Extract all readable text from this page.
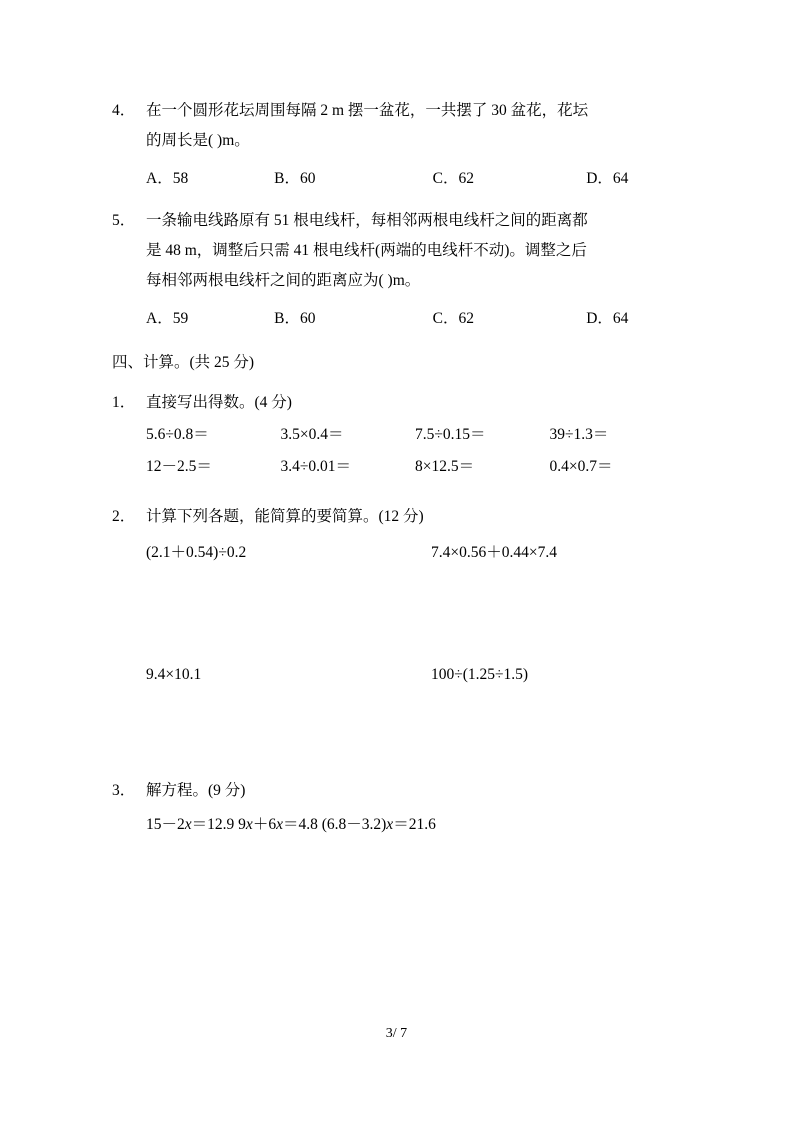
4． 在一个圆形花坛周围每隔 2 m 摆一盆花，一共摆了 30 盆花，花坛
的周长是( )m。
A．58	B．60	C．62	D．64
5． 一条输电线路原有 51 根电线杆，每相邻两根电线杆之间的距离都
是 48 m，调整后只需 41 根电线杆(两端的电线杆不动)。调整之后
每相邻两根电线杆之间的距离应为( )m。
A．59	B．60	C．62	D．64
四、计算。(共 25 分)
1． 直接写出得数。(4 分)
5.6÷0.8＝	3.5×0.4＝	7.5÷0.15＝	39÷1.3＝
12－2.5＝	3.4÷0.01＝	8×12.5＝	0.4×0.7＝
2． 计算下列各题，能简算的要简算。(12 分)
(2.1＋0.54)÷0.2	7.4×0.56＋0.44×7.4
9.4×10.1	100÷(1.25÷1.5)
3． 解方程。(9 分)
15－2 x ＝12.9 9 x ＋6 x ＝4.8 (6.8－3.2) x ＝21.6
3/ 7
